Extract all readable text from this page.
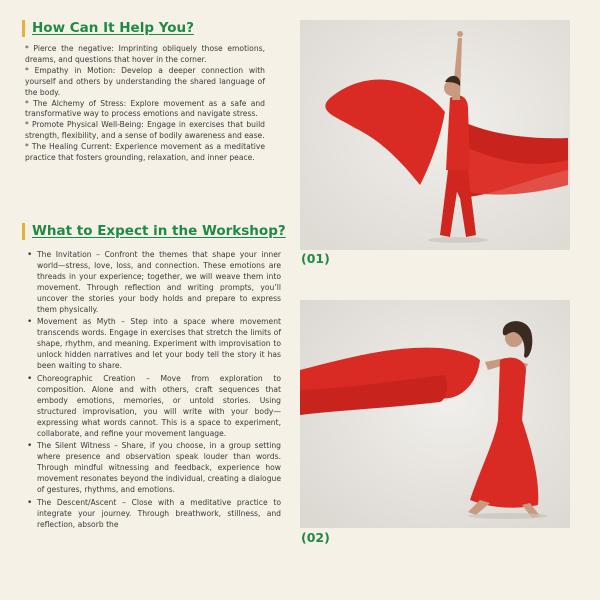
How Can It Help You?

* Pierce the negative: Imprinting obliquely those emotions, dreams, and questions that hover in the corner.

* Empathy in Motion: Develop a deeper connection with yourself and others by understanding the shared language of the body.

* The Alchemy of Stress: Explore movement as a safe and transformative way to process emotions and navigate stress.

* Promote Physical Well-Being: Engage in exercises that build strength, flexibility, and a sense of bodily awareness and ease.

* The Healing Current: Experience movement as a meditative practice that fosters grounding, relaxation, and inner peace.

What to Expect in the Workshop?
• The Invitation – Confront the themes that shape your inner world—stress, love, loss, and connection. These emotions are threads in your experience; together, we will weave them into movement. Through reflection and writing prompts, you’ll uncover the stories your body holds and prepare to express them physically.
• Movement as Myth – Step into a space where movement transcends words. Engage in exercises that stretch the limits of shape, rhythm, and meaning. Experiment with improvisation to unlock hidden narratives and let your body tell the story it has been waiting to share.
• Choreographic Creation – Move from exploration to composition. Alone and with others, craft sequences that embody emotions, memories, or untold stories. Using structured improvisation, you will write with your body—expressing what words cannot. This is a space to experiment, collaborate, and refine your movement language.
• The Silent Witness – Share, if you choose, in a group setting where presence and observation speak louder than words. Through mindful witnessing and feedback, experience how movement resonates beyond the individual, creating a dialogue of gestures, rhythms, and emotions.
• The Descent/Ascent – Close with a meditative practice to integrate your journey. Through breathwork, stillness, and reflection, absorb the
(01)
(02)
